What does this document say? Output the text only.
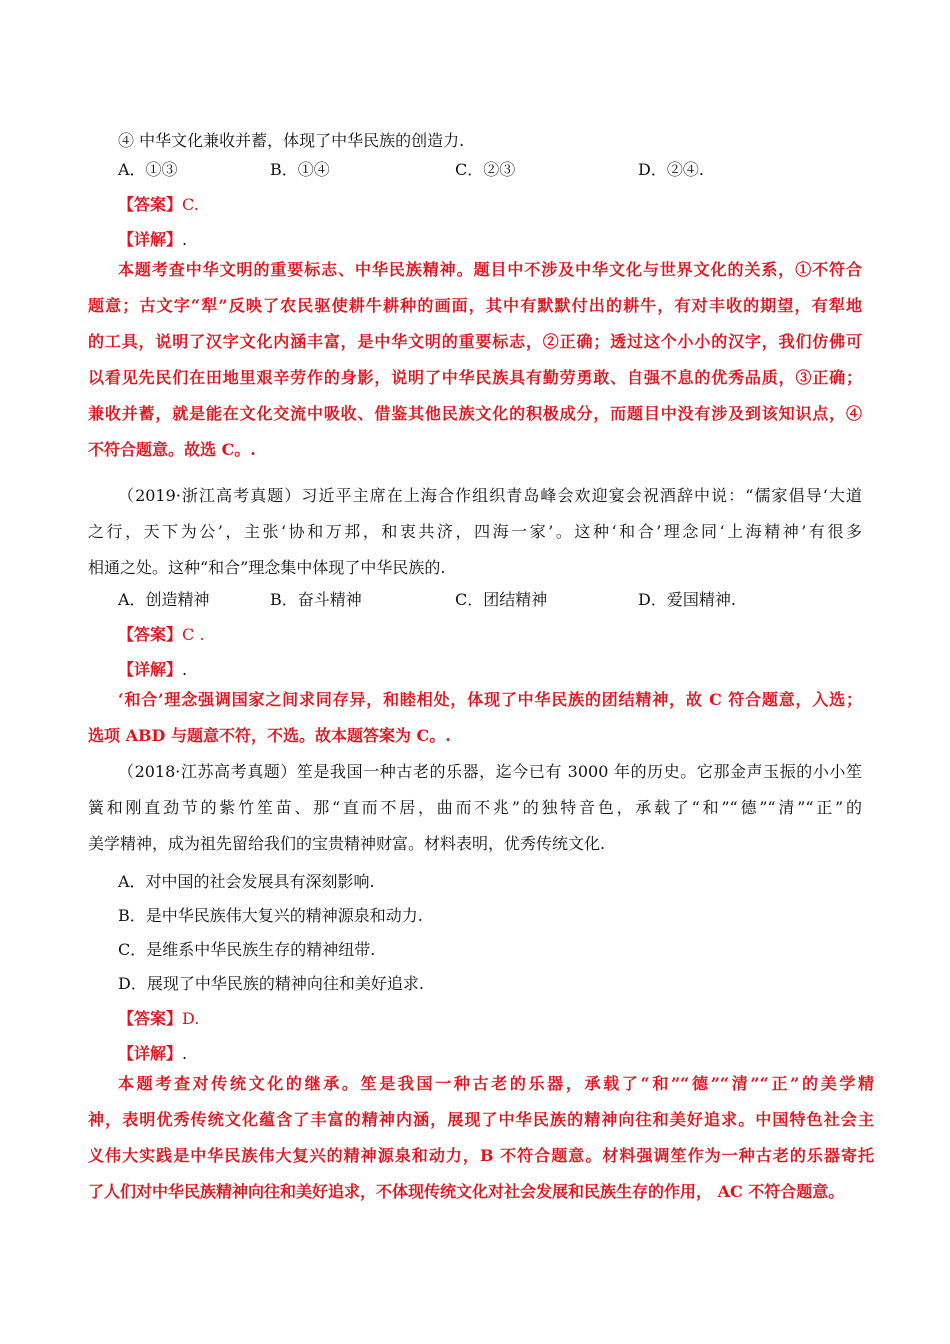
④ 中华文化兼收并蓄，体现了中华民族的创造力.
A．①③	B．①④	C．②③	D．②④.
【答案】C.
【详解】.
本题考查中华文明的重要标志、中华民族精神。题目中不涉及中华文化与世界文化的关系，①不符合
题意；古文字“犁”反映了农民驱使耕牛耕种的画面，其中有默默付出的耕牛，有对丰收的期望，有犁地
的工具，说明了汉字文化内涵丰富，是中华文明的重要标志，②正确；透过这个小小的汉字，我们仿佛可
以看见先民们在田地里艰辛劳作的身影，说明了中华民族具有勤劳勇敢、自强不息的优秀品质，③正确；
兼收并蓄，就是能在文化交流中吸收、借鉴其他民族文化的积极成分，而题目中没有涉及到该知识点，④
不符合题意。故选 C。.
（2019·浙江高考真题）习近平主席在上海合作组织青岛峰会欢迎宴会祝酒辞中说：“儒家倡导‘大道
之行，天下为公’，主张‘协和万邦，和衷共济，四海一家’。这种‘和合’理念同‘上海精神’有很多
相通之处。这种“和合”理念集中体现了中华民族的.
A．创造精神	B．奋斗精神	C．团结精神	D．爱国精神.
【答案】C .
【详解】.
‘和合’理念强调国家之间求同存异，和睦相处，体现了中华民族的团结精神，故 C 符合题意，入选；
选项 ABD 与题意不符，不选。故本题答案为 C。.
（2018·江苏高考真题）笙是我国一种古老的乐器，迄今已有 3000 年的历史。它那金声玉振的小小笙
簧和刚直劲节的紫竹笙苗、那“直而不居，曲而不兆”的独特音色，承载了“和”“德”“清”“正”的
美学精神，成为祖先留给我们的宝贵精神财富。材料表明，优秀传统文化.
A．对中国的社会发展具有深刻影响.
B．是中华民族伟大复兴的精神源泉和动力.
C．是维系中华民族生存的精神纽带.
D．展现了中华民族的精神向往和美好追求.
【答案】D.
【详解】.
本题考查对传统文化的继承。笙是我国一种古老的乐器，承载了“和”“德”“清”“正”的美学精
神，表明优秀传统文化蕴含了丰富的精神内涵，展现了中华民族的精神向往和美好追求。中国特色社会主
义伟大实践是中华民族伟大复兴的精神源泉和动力，B 不符合题意。材料强调笙作为一种古老的乐器寄托
了人们对中华民族精神向往和美好追求，不体现传统文化对社会发展和民族生存的作用， AC 不符合题意。
